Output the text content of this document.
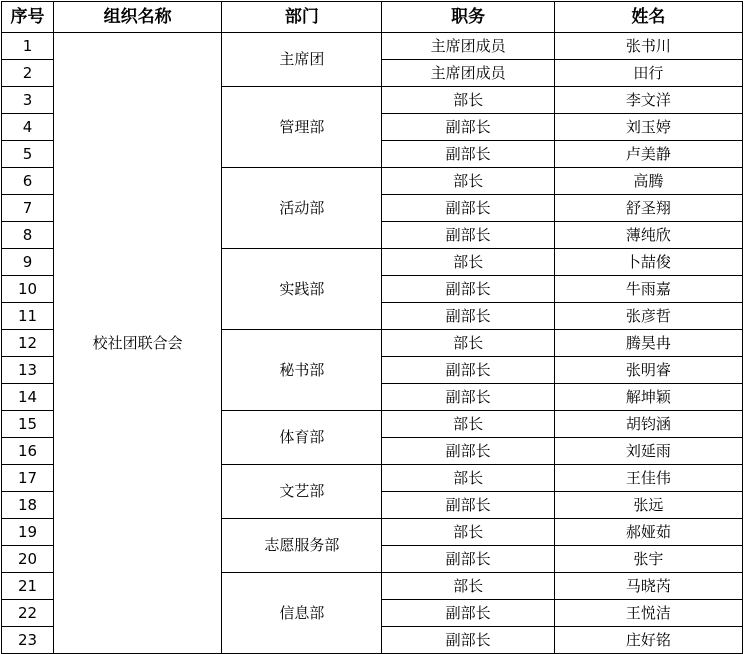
序号	组织名称	部门	职务	姓名
1	校社团联合会	主席团	主席团成员	张书川
2			主席团成员	田行
3		管理部	部长	李文洋
4			副部长	刘玉婷
5			副部长	卢美静
6		活动部	部长	高腾
7			副部长	舒圣翔
8			副部长	薄纯欣
9		实践部	部长	卜喆俊
10			副部长	牛雨嘉
11			副部长	张彦哲
12		秘书部	部长	腾昊冉
13			副部长	张明睿
14			副部长	解坤颖
15		体育部	部长	胡钧涵
16			副部长	刘延雨
17		文艺部	部长	王佳伟
18			副部长	张远
19		志愿服务部	部长	郝娅茹
20			副部长	张宇
21		信息部	部长	马晓芮
22			副部长	王悦洁
23			副部长	庄好铭
